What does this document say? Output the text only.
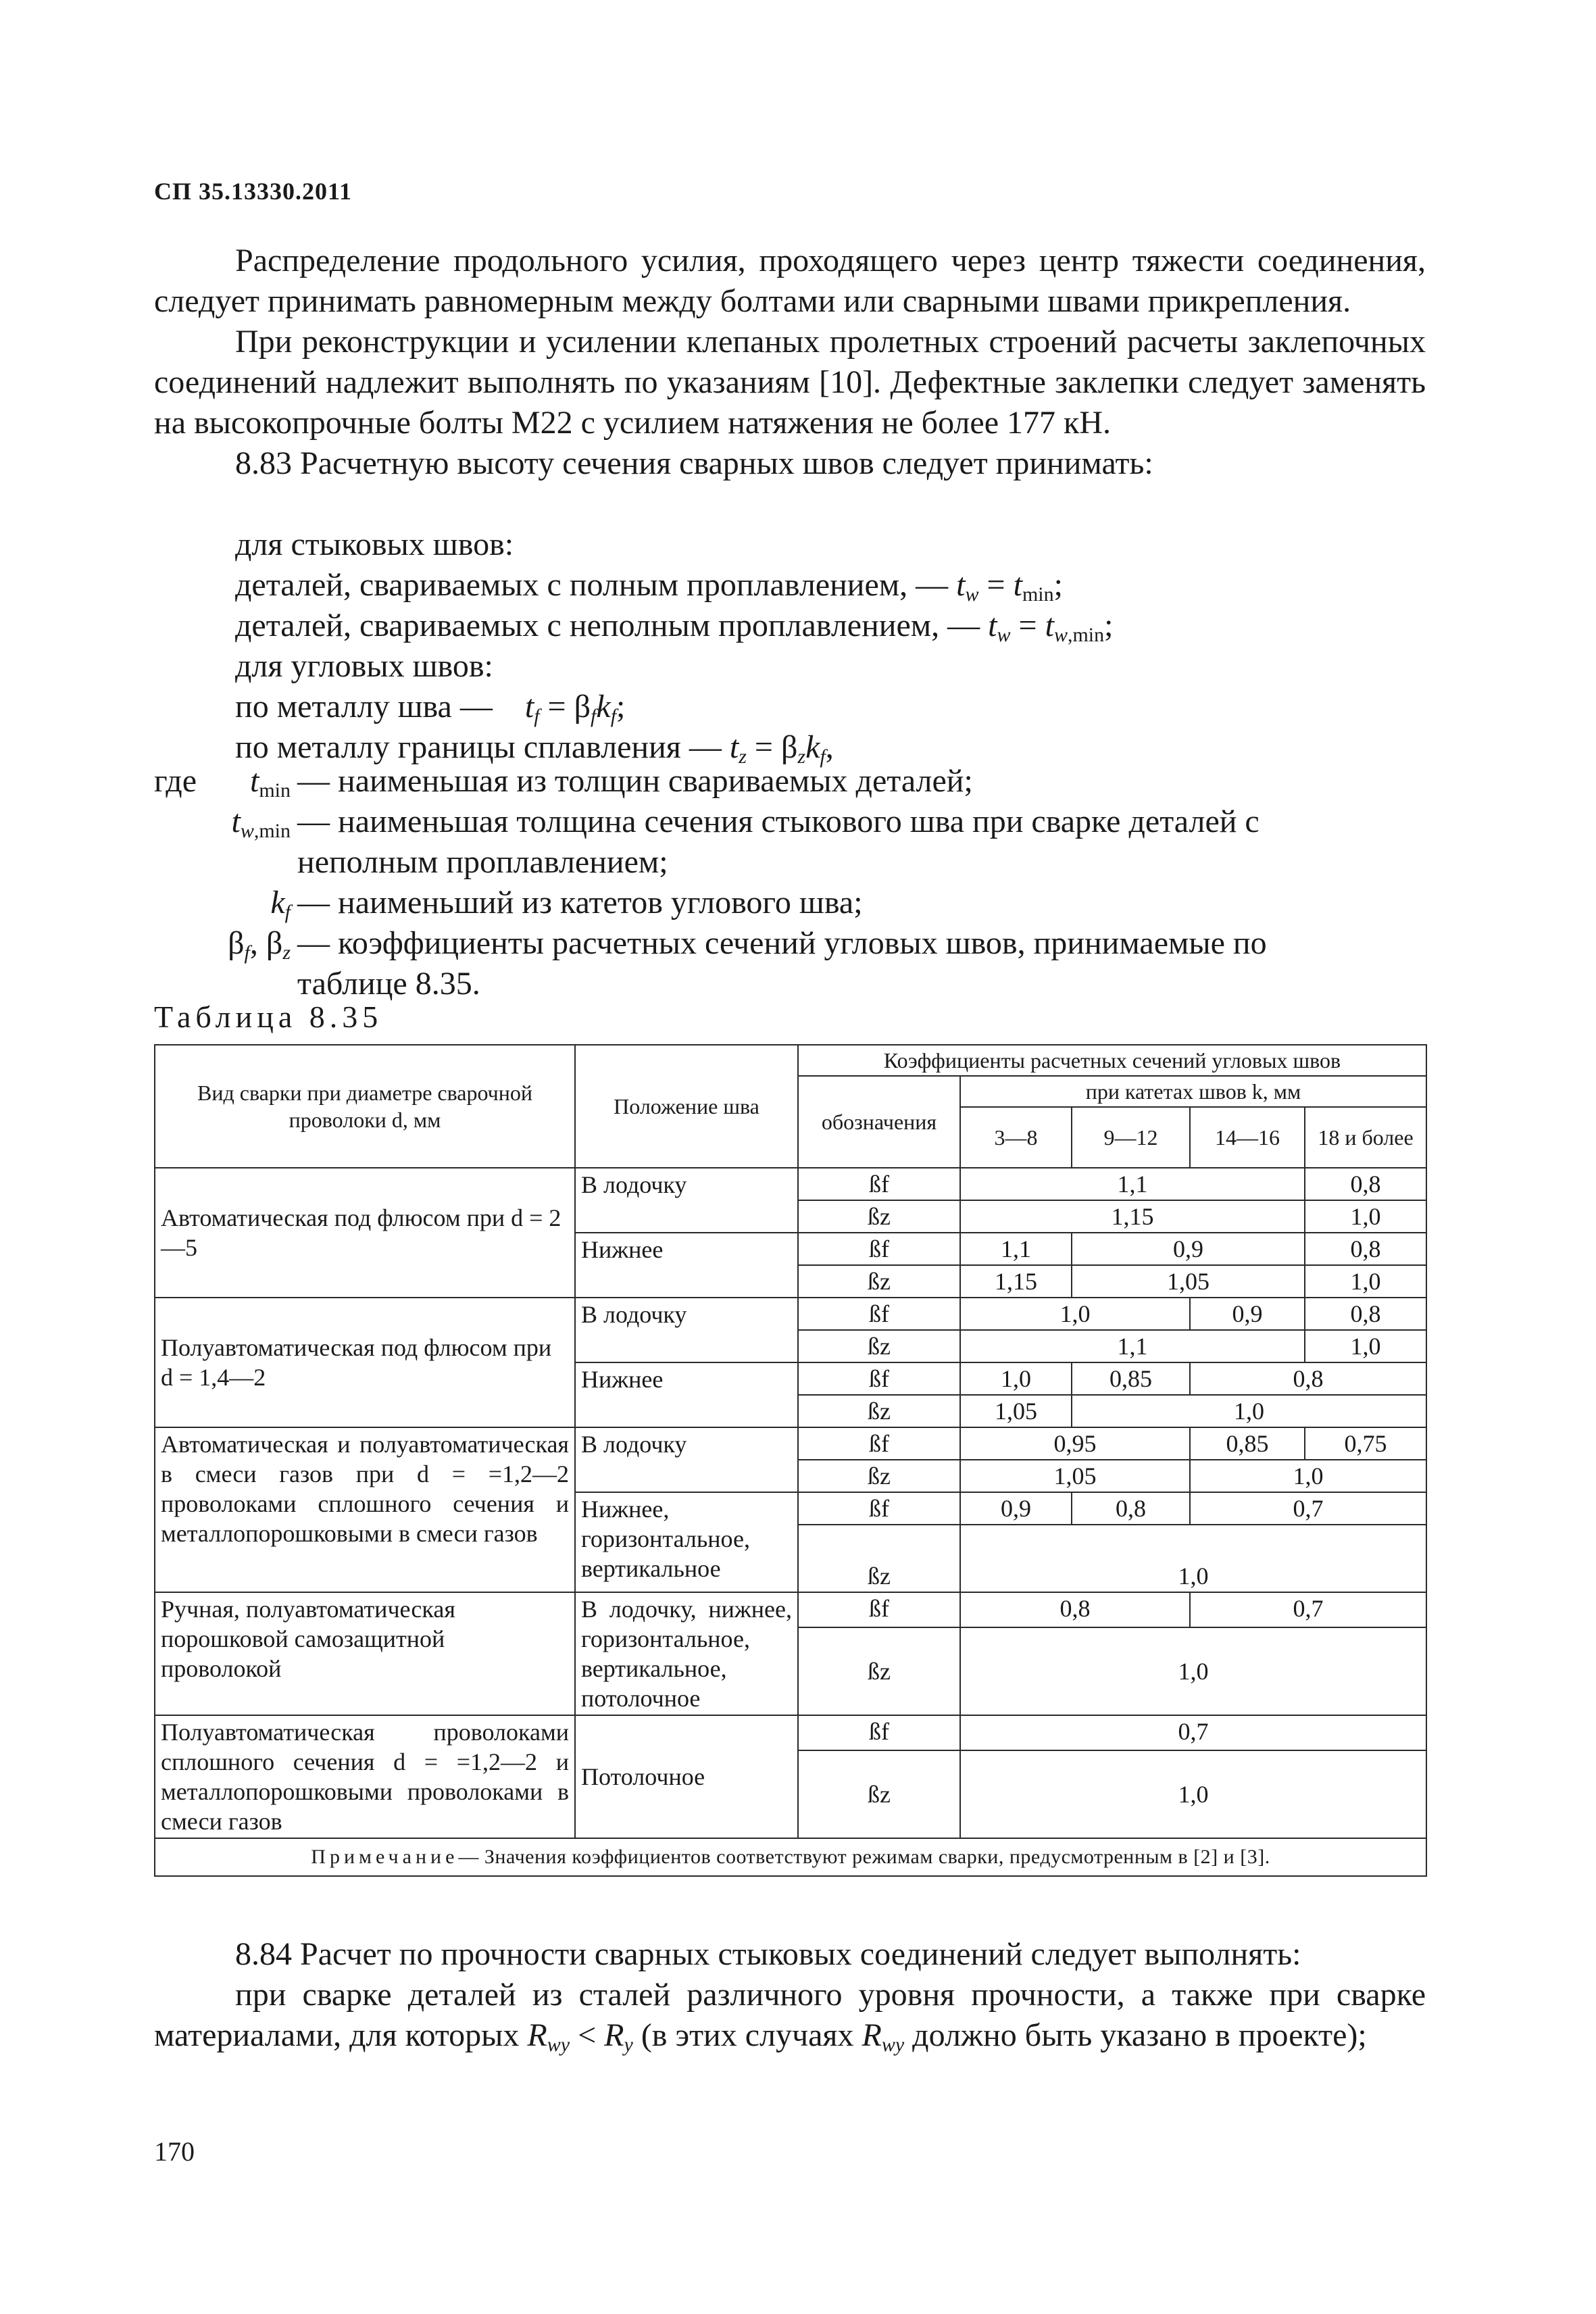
СП 35.13330.2011

Распределение продольного усилия, проходящего через центр тяжести соединения, следует принимать равномерным между болтами или сварными швами прикрепления.

При реконструкции и усилении клепаных пролетных строений расчеты заклепочных соединений надлежит выполнять по указаниям [10]. Дефектные заклепки следует заменять на высокопрочные болты М22 с усилием натяжения не более 177 кН.

8.83 Расчетную высоту сечения сварных швов следует принимать:

для стыковых швов:
деталей, свариваемых с полным проплавлением, — $t_w = t_{min}$;
деталей, свариваемых с неполным проплавлением, — $t_w = t_{w,min}$;
для угловых швов:
по металлу шва — $t_f = \beta_fk_f$;
по металлу границы сплавления — $t_z = \beta_zk_f$,
где	$t_{min}$ — наименьшая из толщин свариваемых деталей;
$t_{w,min}$ — наименьшая толщина сечения стыкового шва при сварке деталей с неполным проплавлением;
$k_f$ — наименьший из катетов углового шва;
$\beta_f$, $\beta_z$ — коэффициенты расчетных сечений угловых швов, принимаемые по таблице 8.35.
Таблица 8.35
Вид сварки при диаметре сварочной проволоки d, мм	Положение шва	Коэффициенты расчетных сечений угловых швов				
		обозначения	при катетах швов k, мм			
			3—8	9—12	14—16	18 и более
Автоматическая под флюсом при d = 2—5	В лодочку	ßf	1,1			0,8
		ßz	1,15			1,0
	Нижнее	ßf	1,1	0,9		0,8
		ßz	1,15	1,05		1,0
Полуавтоматическая под флюсом при d = 1,4—2	В лодочку	ßf	1,0		0,9	0,8
		ßz	1,1			1,0
	Нижнее	ßf	1,0	0,85	0,8	
		ßz	1,05	1,0		
Автоматическая и полуавтоматическая в смеси газов при d = =1,2—2 проволоками сплошного сечения и металлопорошковыми в смеси газов	В лодочку	ßf	0,95		0,85	0,75
		ßz	1,05		1,0	
	Нижнее, горизонтальное, вертикальное	ßf	0,9	0,8	0,7	
		ßz	1,0			
Ручная, полуавтоматическая порошковой самозащитной проволокой	В лодочку, нижнее, горизонтальное, вертикальное, потолочное	ßf	0,8		0,7	
		ßz	1,0			
Полуавтоматическая проволоками сплошного сечения d = =1,2—2 и металлопорошковыми проволоками в смеси газов	Потолочное	ßf	0,7			
		ßz	1,0			
Примечание— Значения коэффициентов соответствуют режимам сварки, предусмотренным в [2] и [3].						

8.84 Расчет по прочности сварных стыковых соединений следует выполнять:

при сварке деталей из сталей различного уровня прочности, а также при сварке материалами, для которых $R_{wy} < R_y$ (в этих случаях $R_{wy}$ должно быть указано в проекте);

170
